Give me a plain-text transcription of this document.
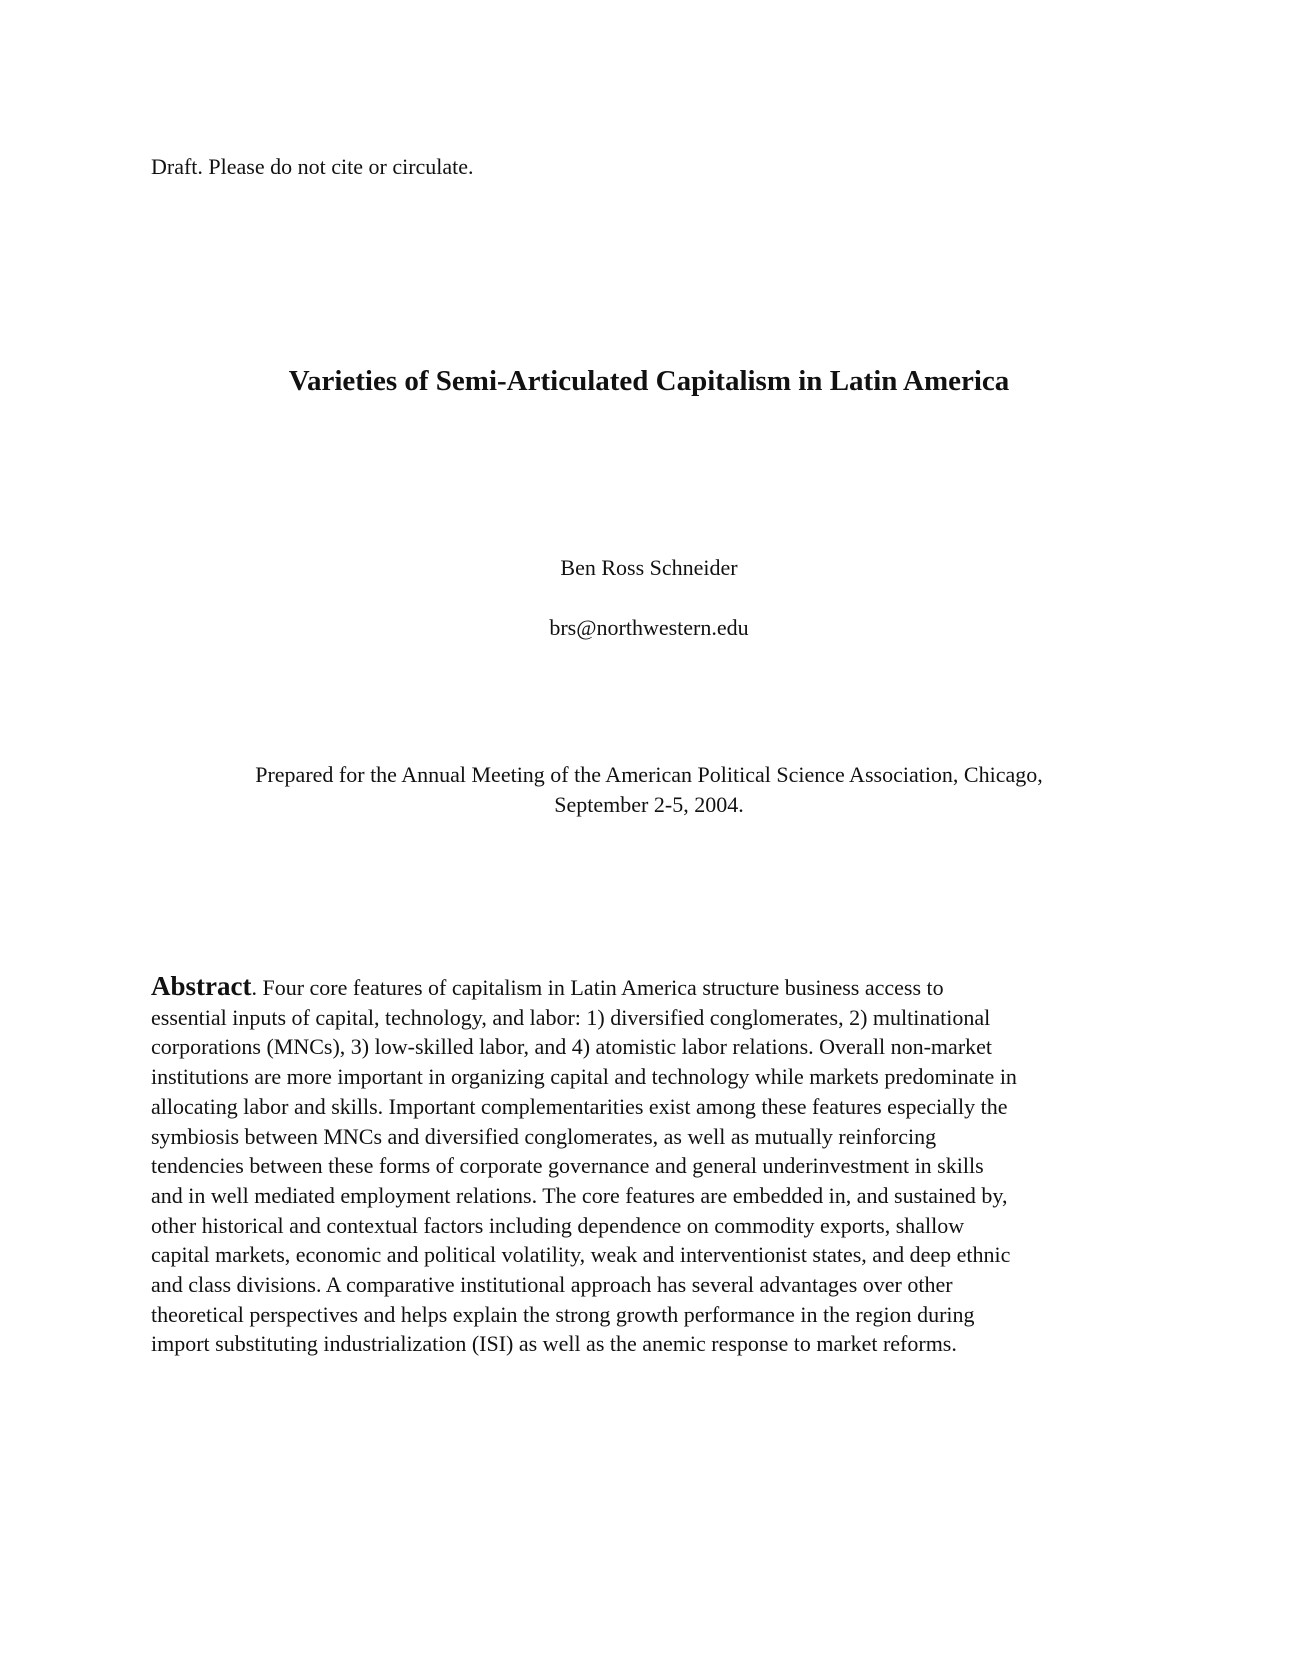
Draft. Please do not cite or circulate.
Varieties of Semi-Articulated Capitalism in Latin America
Ben Ross Schneider
brs@northwestern.edu
Prepared for the Annual Meeting of the American Political Science Association, Chicago,
September 2-5, 2004.
Abstract. Four core features of capitalism in Latin America structure business access to
essential inputs of capital, technology, and labor: 1) diversified conglomerates, 2) multinational
corporations (MNCs), 3) low-skilled labor, and 4) atomistic labor relations. Overall non-market
institutions are more important in organizing capital and technology while markets predominate in
allocating labor and skills. Important complementarities exist among these features especially the
symbiosis between MNCs and diversified conglomerates, as well as mutually reinforcing
tendencies between these forms of corporate governance and general underinvestment in skills
and in well mediated employment relations. The core features are embedded in, and sustained by,
other historical and contextual factors including dependence on commodity exports, shallow
capital markets, economic and political volatility, weak and interventionist states, and deep ethnic
and class divisions. A comparative institutional approach has several advantages over other
theoretical perspectives and helps explain the strong growth performance in the region during
import substituting industrialization (ISI) as well as the anemic response to market reforms.
